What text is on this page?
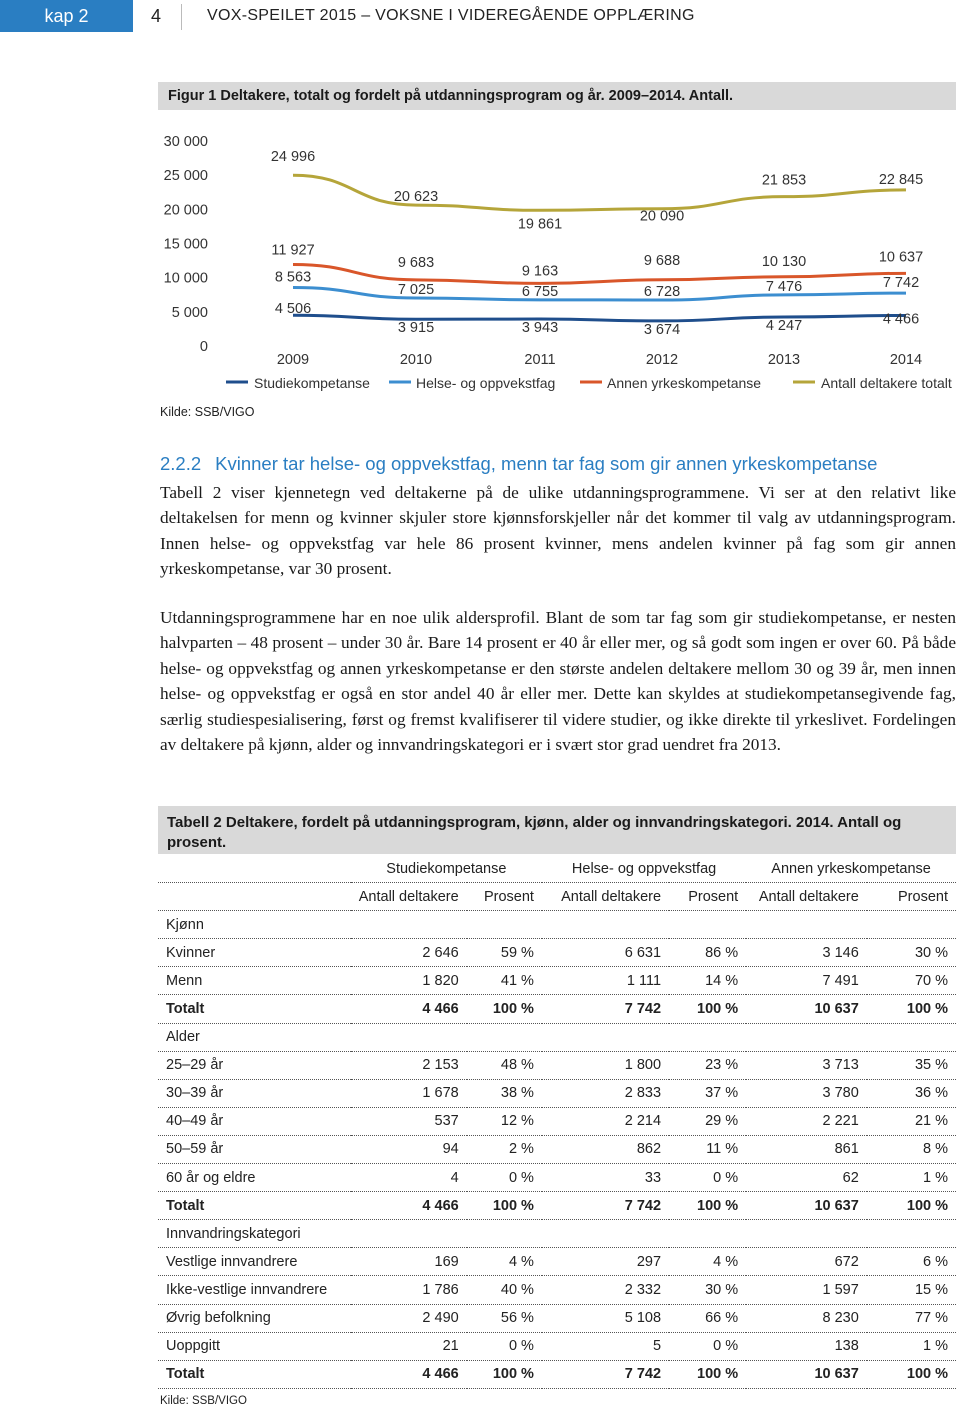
kap 2	4	VOX-SPEILET 2015 – VOKSNE I VIDEREGÅENDE OPPLÆRING
Figur 1 Deltakere, totalt og fordelt på utdanningsprogram og år. 2009–2014. Antall.
30 000
25 000
20 000
15 000
10 000
5 000
0
2009	2010	2011	2012	2013	2014
4 506
3 915	3 943	3 674	4 247	4 466
8 563
7 025	6 755	6 728	7 476	7 742
11 927
9 683
9 163
9 688	10 130	10 637
24 996
20 623
19 861	20 090
21 853	22 845
Studiekompetanse	Helse- og oppvekstfag	Annen yrkeskompetanse	Antall deltakere totalt
Kilde: SSB/VIGO
2.2.2 Kvinner tar helse- og oppvekstfag, menn tar fag som gir annen yrkeskompetanse

Tabell 2 viser kjennetegn ved deltakerne på de ulike utdanningsprogrammene. Vi ser at den relativt like deltakelsen for menn og kvinner skjuler store kjønnsforskjeller når det kommer til valg av utdanningsprogram. Innen helse- og oppvekstfag var hele 86 prosent kvinner, mens andelen kvinner på fag som gir annen yrkeskompetanse, var 30 prosent.

Utdanningsprogrammene har en noe ulik aldersprofil. Blant de som tar fag som gir studiekompetanse, er nesten halvparten – 48 prosent – under 30 år. Bare 14 prosent er 40 år eller mer, og så godt som ingen er over 60. På både helse- og oppvekstfag og annen yrkeskompetanse er den største andelen deltakere mellom 30 og 39 år, men innen helse- og oppvekstfag er også en stor andel 40 år eller mer. Dette kan skyldes at studiekompetansegivende fag, særlig studiespesialisering, først og fremst kvalifiserer til videre studier, og ikke direkte til yrkeslivet. Fordelingen av deltakere på kjønn, alder og innvandringskategori er i svært stor grad uendret fra 2013.

Tabell 2 Deltakere, fordelt på utdanningsprogram, kjønn, alder og innvandringskategori. 2014. Antall og prosent.
	Studiekompetanse		Helse- og oppvekstfag		Annen yrkeskompetanse	
	Antall deltakere	Prosent	Antall deltakere	Prosent	Antall deltakere	Prosent
Kjønn						
Kvinner	2 646	59 %	6 631	86 %	3 146	30 %
Menn	1 820	41 %	1 111	14 %	7 491	70 %
Totalt	4 466	100 %	7 742	100 %	10 637	100 %
Alder						
25–29 år	2 153	48 %	1 800	23 %	3 713	35 %
30–39 år	1 678	38 %	2 833	37 %	3 780	36 %
40–49 år	537	12 %	2 214	29 %	2 221	21 %
50–59 år	94	2 %	862	11 %	861	8 %
60 år og eldre	4	0 %	33	0 %	62	1 %
Totalt	4 466	100 %	7 742	100 %	10 637	100 %
Innvandringskategori						
Vestlige innvandrere	169	4 %	297	4 %	672	6 %
Ikke-vestlige innvandrere	1 786	40 %	2 332	30 %	1 597	15 %
Øvrig befolkning	2 490	56 %	5 108	66 %	8 230	77 %
Uoppgitt	21	0 %	5	0 %	138	1 %
Totalt	4 466	100 %	7 742	100 %	10 637	100 %
Kilde: SSB/VIGO
